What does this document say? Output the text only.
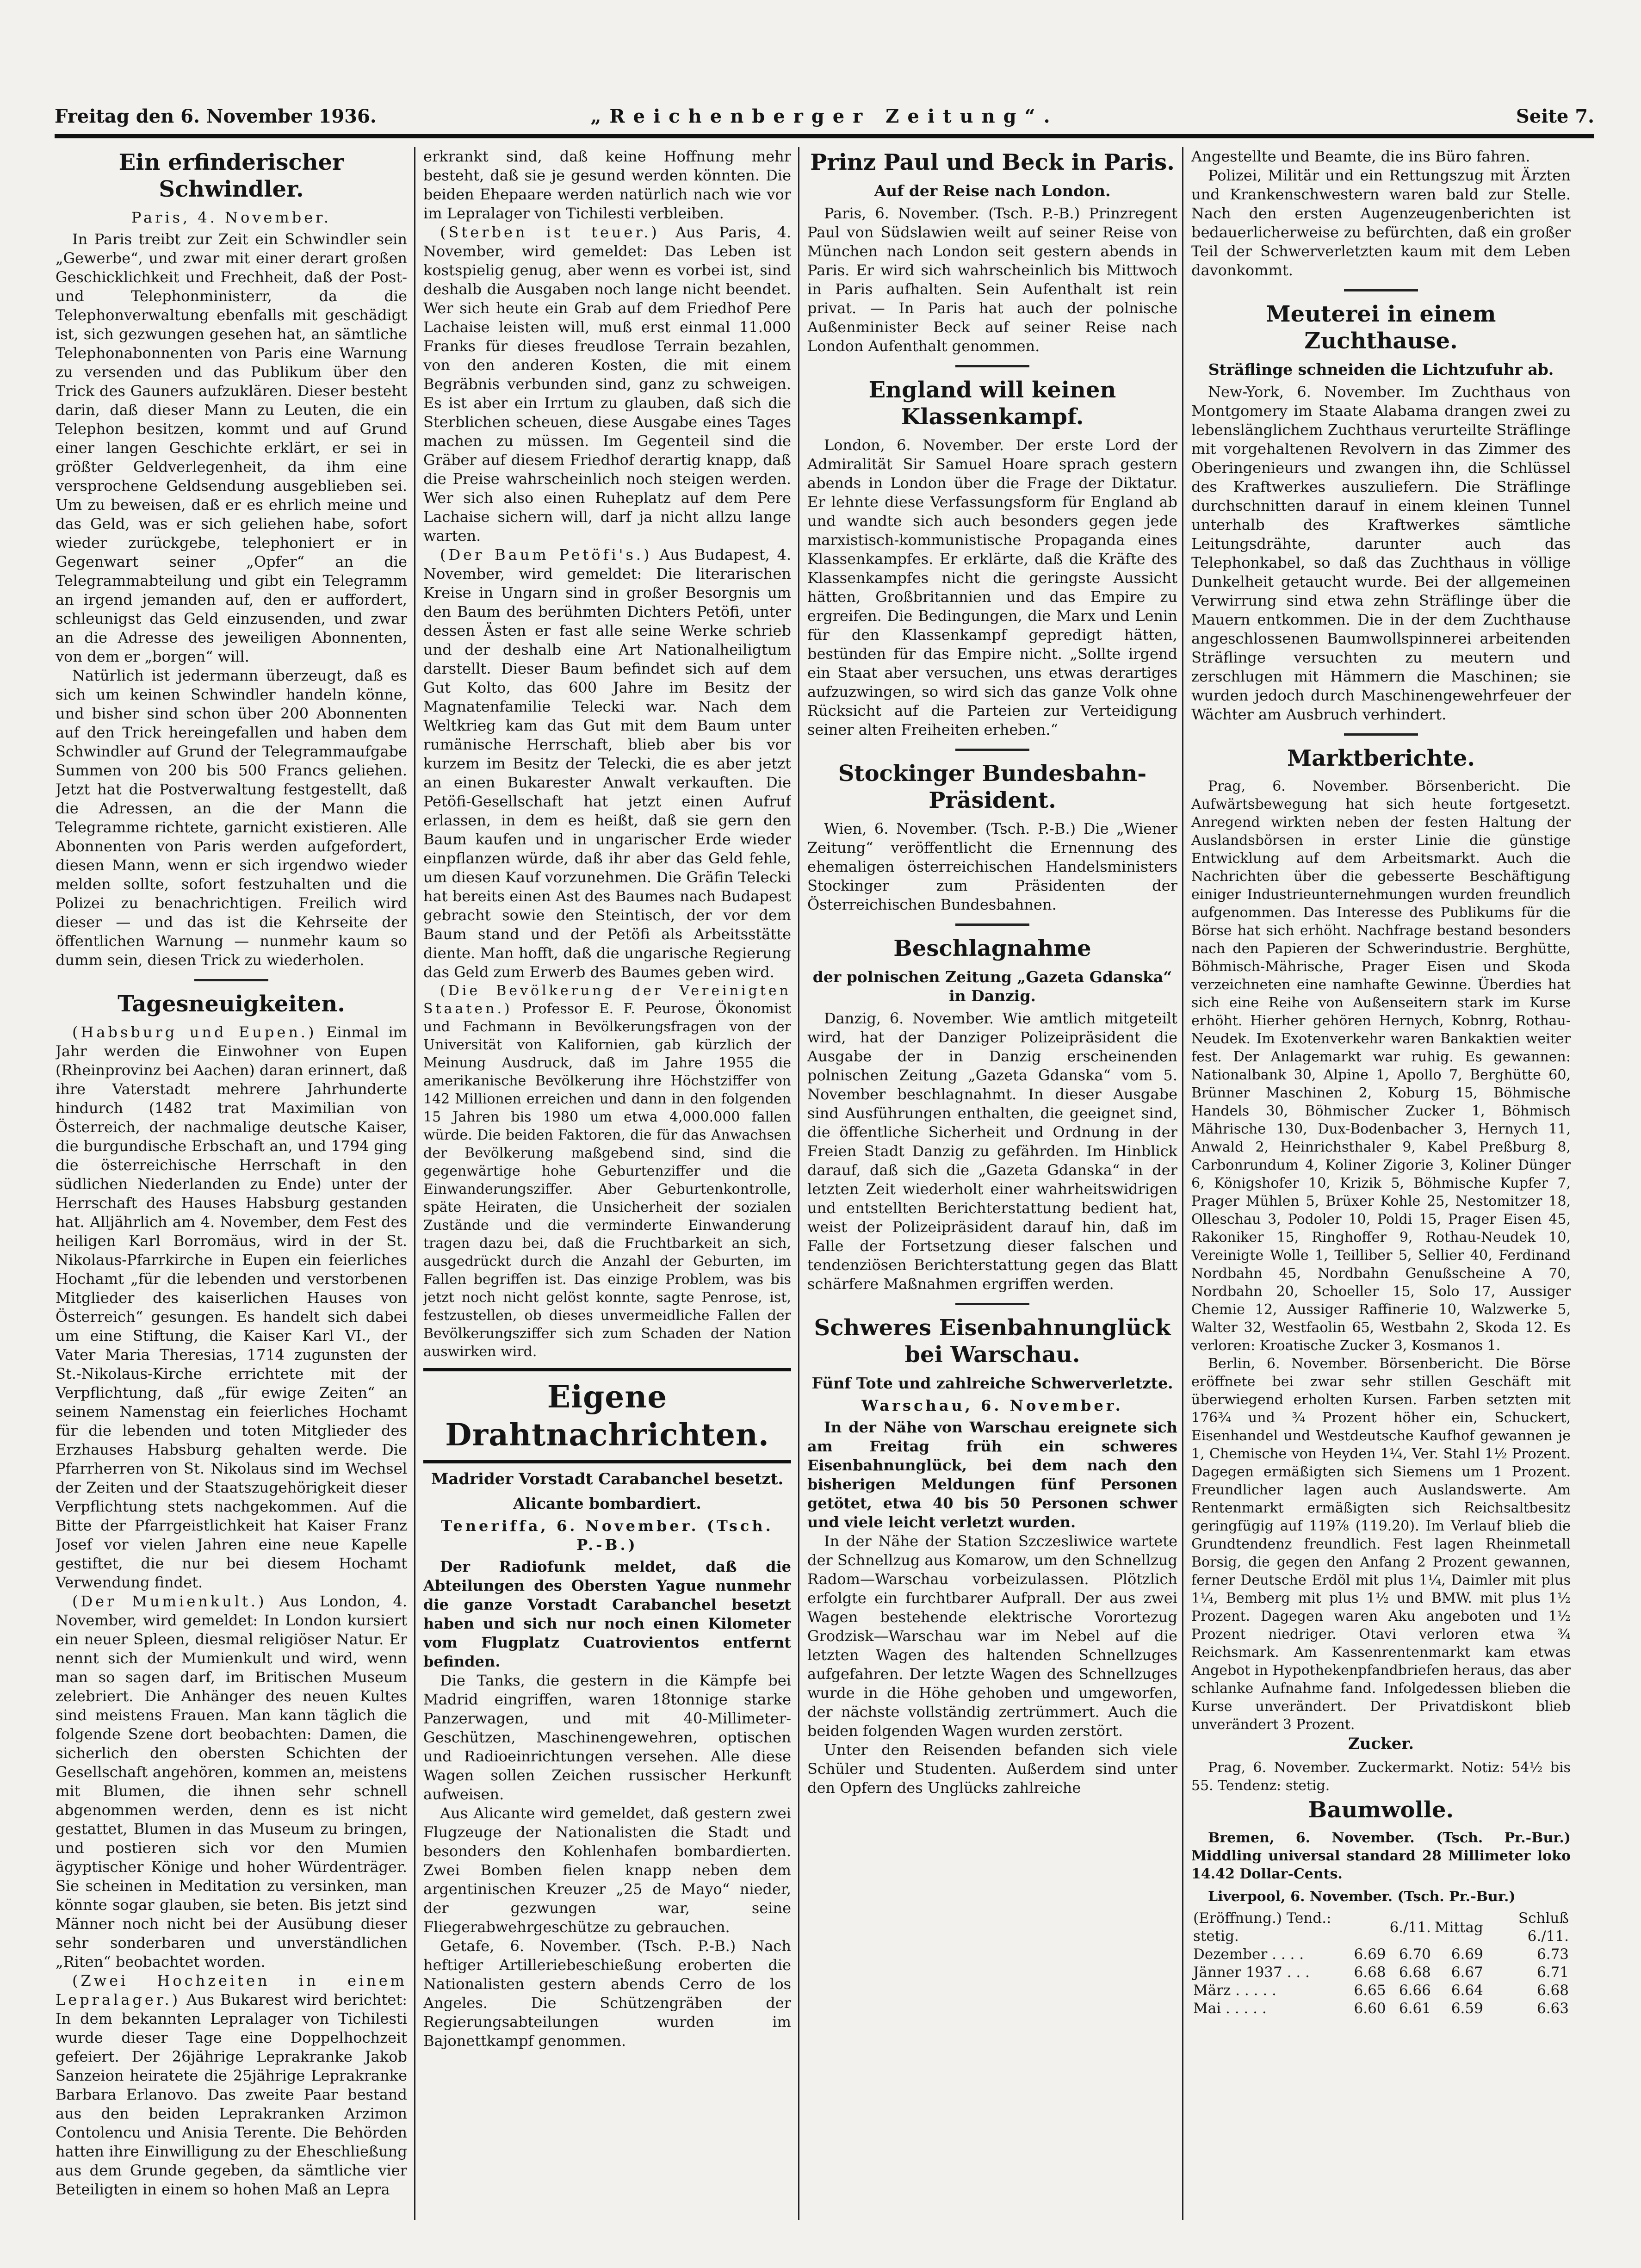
Freitag den 6. November 1936.	„Reichenberger Zeitung“.	Seite 7.
Ein erfinderischer Schwindler.
Paris, 4. November.

In Paris treibt zur Zeit ein Schwindler sein „Gewerbe“, und zwar mit einer derart großen Geschicklichkeit und Frechheit, daß der Post- und Telephonministerr, da die Telephonverwaltung ebenfalls mit geschädigt ist, sich gezwungen gesehen hat, an sämtliche Telephonabonnenten von Paris eine Warnung zu versenden und das Publikum über den Trick des Gauners aufzuklären. Dieser besteht darin, daß dieser Mann zu Leuten, die ein Telephon besitzen, kommt und auf Grund einer langen Geschichte erklärt, er sei in größter Geldverlegenheit, da ihm eine versprochene Geldsendung ausgeblieben sei. Um zu beweisen, daß er es ehrlich meine und das Geld, was er sich geliehen habe, sofort wieder zurückgebe, telephoniert er in Gegenwart seiner „Opfer“ an die Telegrammabteilung und gibt ein Telegramm an irgend jemanden auf, den er auffordert, schleunigst das Geld einzusenden, und zwar an die Adresse des jeweiligen Abonnenten, von dem er „borgen“ will.

Natürlich ist jedermann überzeugt, daß es sich um keinen Schwindler handeln könne, und bisher sind schon über 200 Abonnenten auf den Trick hereingefallen und haben dem Schwindler auf Grund der Telegrammaufgabe Summen von 200 bis 500 Francs geliehen. Jetzt hat die Postverwaltung festgestellt, daß die Adressen, an die der Mann die Telegramme richtete, garnicht existieren. Alle Abonnenten von Paris werden aufgefordert, diesen Mann, wenn er sich irgendwo wieder melden sollte, sofort festzuhalten und die Polizei zu benachrichtigen. Freilich wird dieser — und das ist die Kehrseite der öffentlichen Warnung — nunmehr kaum so dumm sein, diesen Trick zu wiederholen.

Tagesneuigkeiten.

(Habsburg und Eupen.) Einmal im Jahr werden die Einwohner von Eupen (Rheinprovinz bei Aachen) daran erinnert, daß ihre Vaterstadt mehrere Jahrhunderte hindurch (1482 trat Maximilian von Österreich, der nachmalige deutsche Kaiser, die burgundische Erbschaft an, und 1794 ging die österreichische Herrschaft in den südlichen Niederlanden zu Ende) unter der Herrschaft des Hauses Habsburg gestanden hat. Alljährlich am 4. November, dem Fest des heiligen Karl Borromäus, wird in der St. Nikolaus-Pfarrkirche in Eupen ein feierliches Hochamt „für die lebenden und verstorbenen Mitglieder des kaiserlichen Hauses von Österreich“ gesungen. Es handelt sich dabei um eine Stiftung, die Kaiser Karl VI., der Vater Maria Theresias, 1714 zugunsten der St.-Nikolaus-Kirche errichtete mit der Verpflichtung, daß „für ewige Zeiten“ an seinem Namenstag ein feierliches Hochamt für die lebenden und toten Mitglieder des Erzhauses Habsburg gehalten werde. Die Pfarrherren von St. Nikolaus sind im Wechsel der Zeiten und der Staatszugehörigkeit dieser Verpflichtung stets nachgekommen. Auf die Bitte der Pfarrgeistlichkeit hat Kaiser Franz Josef vor vielen Jahren eine neue Kapelle gestiftet, die nur bei diesem Hochamt Verwendung findet.

(Der Mumienkult.) Aus London, 4. November, wird gemeldet: In London kursiert ein neuer Spleen, diesmal religiöser Natur. Er nennt sich der Mumienkult und wird, wenn man so sagen darf, im Britischen Museum zelebriert. Die Anhänger des neuen Kultes sind meistens Frauen. Man kann täglich die folgende Szene dort beobachten: Damen, die sicherlich den obersten Schichten der Gesellschaft angehören, kommen an, meistens mit Blumen, die ihnen sehr schnell abgenommen werden, denn es ist nicht gestattet, Blumen in das Museum zu bringen, und postieren sich vor den Mumien ägyptischer Könige und hoher Würdenträger. Sie scheinen in Meditation zu versinken, man könnte sogar glauben, sie beten. Bis jetzt sind Männer noch nicht bei der Ausübung dieser sehr sonderbaren und unverständlichen „Riten“ beobachtet worden.

(Zwei Hochzeiten in einem Lepralager.) Aus Bukarest wird berichtet: In dem bekannten Lepralager von Tichilesti wurde dieser Tage eine Doppelhochzeit gefeiert. Der 26jährige Leprakranke Jakob Sanzeion heiratete die 25jährige Leprakranke Barbara Erlanovo. Das zweite Paar bestand aus den beiden Leprakranken Arzimon Contolencu und Anisia Terente. Die Behörden hatten ihre Einwilligung zu der Eheschließung aus dem Grunde gegeben, da sämtliche vier Beteiligten in einem so hohen Maß an Lepra

erkrankt sind, daß keine Hoffnung mehr besteht, daß sie je gesund werden könnten. Die beiden Ehepaare werden natürlich nach wie vor im Lepralager von Tichilesti verbleiben.

(Sterben ist teuer.) Aus Paris, 4. November, wird gemeldet: Das Leben ist kostspielig genug, aber wenn es vorbei ist, sind deshalb die Ausgaben noch lange nicht beendet. Wer sich heute ein Grab auf dem Friedhof Pere Lachaise leisten will, muß erst einmal 11.000 Franks für dieses freudlose Terrain bezahlen, von den anderen Kosten, die mit einem Begräbnis verbunden sind, ganz zu schweigen. Es ist aber ein Irrtum zu glauben, daß sich die Sterblichen scheuen, diese Ausgabe eines Tages machen zu müssen. Im Gegenteil sind die Gräber auf diesem Friedhof derartig knapp, daß die Preise wahrscheinlich noch steigen werden. Wer sich also einen Ruheplatz auf dem Pere Lachaise sichern will, darf ja nicht allzu lange warten.

(Der Baum Petöfi's.) Aus Budapest, 4. November, wird gemeldet: Die literarischen Kreise in Ungarn sind in großer Besorgnis um den Baum des berühmten Dichters Petöfi, unter dessen Ästen er fast alle seine Werke schrieb und der deshalb eine Art Nationalheiligtum darstellt. Dieser Baum befindet sich auf dem Gut Kolto, das 600 Jahre im Besitz der Magnatenfamilie Telecki war. Nach dem Weltkrieg kam das Gut mit dem Baum unter rumänische Herrschaft, blieb aber bis vor kurzem im Besitz der Telecki, die es aber jetzt an einen Bukarester Anwalt verkauften. Die Petöfi-Gesellschaft hat jetzt einen Aufruf erlassen, in dem es heißt, daß sie gern den Baum kaufen und in ungarischer Erde wieder einpflanzen würde, daß ihr aber das Geld fehle, um diesen Kauf vorzunehmen. Die Gräfin Telecki hat bereits einen Ast des Baumes nach Budapest gebracht sowie den Steintisch, der vor dem Baum stand und der Petöfi als Arbeitsstätte diente. Man hofft, daß die ungarische Regierung das Geld zum Erwerb des Baumes geben wird.

(Die Bevölkerung der Vereinigten Staaten.) Professor E. F. Peurose, Ökonomist und Fachmann in Bevölkerungsfragen von der Universität von Kalifornien, gab kürzlich der Meinung Ausdruck, daß im Jahre 1955 die amerikanische Bevölkerung ihre Höchstziffer von 142 Millionen erreichen und dann in den folgenden 15 Jahren bis 1980 um etwa 4,000.000 fallen würde. Die beiden Faktoren, die für das Anwachsen der Bevölkerung maßgebend sind, sind die gegenwärtige hohe Geburtenziffer und die Einwanderungsziffer. Aber Geburtenkontrolle, späte Heiraten, die Unsicherheit der sozialen Zustände und die verminderte Einwanderung tragen dazu bei, daß die Fruchtbarkeit an sich, ausgedrückt durch die Anzahl der Geburten, im Fallen begriffen ist. Das einzige Problem, was bis jetzt noch nicht gelöst konnte, sagte Penrose, ist, festzustellen, ob dieses unvermeidliche Fallen der Bevölkerungsziffer sich zum Schaden der Nation auswirken wird.

Eigene Drahtnachrichten.
Madrider Vorstadt Carabanchel besetzt.
Alicante bombardiert.
Teneriffa, 6. November. (Tsch. P.-B.)

Der Radiofunk meldet, daß die Abteilungen des Obersten Yague nunmehr die ganze Vorstadt Carabanchel besetzt haben und sich nur noch einen Kilometer vom Flugplatz Cuatrovientos entfernt befinden.

Die Tanks, die gestern in die Kämpfe bei Madrid eingriffen, waren 18tonnige starke Panzerwagen, und mit 40-Millimeter-Geschützen, Maschinengewehren, optischen und Radioeinrichtungen versehen. Alle diese Wagen sollen Zeichen russischer Herkunft aufweisen.

Aus Alicante wird gemeldet, daß gestern zwei Flugzeuge der Nationalisten die Stadt und besonders den Kohlenhafen bombardierten. Zwei Bomben fielen knapp neben dem argentinischen Kreuzer „25 de Mayo“ nieder, der gezwungen war, seine Fliegerabwehrgeschütze zu gebrauchen.

Getafe, 6. November. (Tsch. P.-B.) Nach heftiger Artilleriebeschießung eroberten die Nationalisten gestern abends Cerro de los Angeles. Die Schützengräben der Regierungsabteilungen wurden im Bajonettkampf genommen.

Prinz Paul und Beck in Paris.
Auf der Reise nach London.

Paris, 6. November. (Tsch. P.-B.) Prinzregent Paul von Südslawien weilt auf seiner Reise von München nach London seit gestern abends in Paris. Er wird sich wahrscheinlich bis Mittwoch in Paris aufhalten. Sein Aufenthalt ist rein privat. — In Paris hat auch der polnische Außenminister Beck auf seiner Reise nach London Aufenthalt genommen.

England will keinen Klassenkampf.

London, 6. November. Der erste Lord der Admiralität Sir Samuel Hoare sprach gestern abends in London über die Frage der Diktatur. Er lehnte diese Verfassungsform für England ab und wandte sich auch besonders gegen jede marxistisch-kommunistische Propaganda eines Klassenkampfes. Er erklärte, daß die Kräfte des Klassenkampfes nicht die geringste Aussicht hätten, Großbritannien und das Empire zu ergreifen. Die Bedingungen, die Marx und Lenin für den Klassenkampf gepredigt hätten, bestünden für das Empire nicht. „Sollte irgend ein Staat aber versuchen, uns etwas derartiges aufzuzwingen, so wird sich das ganze Volk ohne Rücksicht auf die Parteien zur Verteidigung seiner alten Freiheiten erheben.“

Stockinger Bundesbahn-Präsident.

Wien, 6. November. (Tsch. P.-B.) Die „Wiener Zeitung“ veröffentlicht die Ernennung des ehemaligen österreichischen Handelsministers Stockinger zum Präsidenten der Österreichischen Bundesbahnen.

Beschlagnahme
der polnischen Zeitung „Gazeta Gdanska“ in Danzig.

Danzig, 6. November. Wie amtlich mitgeteilt wird, hat der Danziger Polizeipräsident die Ausgabe der in Danzig erscheinenden polnischen Zeitung „Gazeta Gdanska“ vom 5. November beschlagnahmt. In dieser Ausgabe sind Ausführungen enthalten, die geeignet sind, die öffentliche Sicherheit und Ordnung in der Freien Stadt Danzig zu gefährden. Im Hinblick darauf, daß sich die „Gazeta Gdanska“ in der letzten Zeit wiederholt einer wahrheitswidrigen und entstellten Berichterstattung bedient hat, weist der Polizeipräsident darauf hin, daß im Falle der Fortsetzung dieser falschen und tendenziösen Berichterstattung gegen das Blatt schärfere Maßnahmen ergriffen werden.

Schweres Eisenbahnunglück bei Warschau.
Fünf Tote und zahlreiche Schwerverletzte.
Warschau, 6. November.

In der Nähe von Warschau ereignete sich am Freitag früh ein schweres Eisenbahnunglück, bei dem nach den bisherigen Meldungen fünf Personen getötet, etwa 40 bis 50 Personen schwer und viele leicht verletzt wurden.

In der Nähe der Station Szczesliwice wartete der Schnellzug aus Komarow, um den Schnellzug Radom—Warschau vorbeizulassen. Plötzlich erfolgte ein furchtbarer Aufprall. Der aus zwei Wagen bestehende elektrische Vorortezug Grodzisk—Warschau war im Nebel auf die letzten Wagen des haltenden Schnellzuges aufgefahren. Der letzte Wagen des Schnellzuges wurde in die Höhe gehoben und umgeworfen, der nächste vollständig zertrümmert. Auch die beiden folgenden Wagen wurden zerstört.

Unter den Reisenden befanden sich viele Schüler und Studenten. Außerdem sind unter den Opfern des Unglücks zahlreiche

Angestellte und Beamte, die ins Büro fahren.

Polizei, Militär und ein Rettungszug mit Ärzten und Krankenschwestern waren bald zur Stelle. Nach den ersten Augenzeugenberichten ist bedauerlicherweise zu befürchten, daß ein großer Teil der Schwerverletzten kaum mit dem Leben davonkommt.

Meuterei in einem Zuchthause.
Sträflinge schneiden die Lichtzufuhr ab.

New-York, 6. November. Im Zuchthaus von Montgomery im Staate Alabama drangen zwei zu lebenslänglichem Zuchthaus verurteilte Sträflinge mit vorgehaltenen Revolvern in das Zimmer des Oberingenieurs und zwangen ihn, die Schlüssel des Kraftwerkes auszuliefern. Die Sträflinge durchschnitten darauf in einem kleinen Tunnel unterhalb des Kraftwerkes sämtliche Leitungsdrähte, darunter auch das Telephonkabel, so daß das Zuchthaus in völlige Dunkelheit getaucht wurde. Bei der allgemeinen Verwirrung sind etwa zehn Sträflinge über die Mauern entkommen. Die in der dem Zuchthause angeschlossenen Baumwollspinnerei arbeitenden Sträflinge versuchten zu meutern und zerschlugen mit Hämmern die Maschinen; sie wurden jedoch durch Maschinengewehrfeuer der Wächter am Ausbruch verhindert.

Marktberichte.

Prag, 6. November. Börsenbericht. Die Aufwärtsbewegung hat sich heute fortgesetzt. Anregend wirkten neben der festen Haltung der Auslandsbörsen in erster Linie die günstige Entwicklung auf dem Arbeitsmarkt. Auch die Nachrichten über die gebesserte Beschäftigung einiger Industrieunternehmungen wurden freundlich aufgenommen. Das Interesse des Publikums für die Börse hat sich erhöht. Nachfrage bestand besonders nach den Papieren der Schwerindustrie. Berghütte, Böhmisch-Mährische, Prager Eisen und Skoda verzeichneten eine namhafte Gewinne. Überdies hat sich eine Reihe von Außenseitern stark im Kurse erhöht. Hierher gehören Hernych, Kobnrg, Rothau-Neudek. Im Exotenverkehr waren Bankaktien weiter fest. Der Anlagemarkt war ruhig. Es gewannen: Nationalbank 30, Alpine 1, Apollo 7, Berghütte 60, Brünner Maschinen 2, Koburg 15, Böhmische Handels 30, Böhmischer Zucker 1, Böhmisch Mährische 130, Dux-Bodenbacher 3, Hernych 11, Anwald 2, Heinrichsthaler 9, Kabel Preßburg 8, Carbonrundum 4, Koliner Zigorie 3, Koliner Dünger 6, Königshofer 10, Krizik 5, Böhmische Kupfer 7, Prager Mühlen 5, Brüxer Kohle 25, Nestomitzer 18, Olleschau 3, Podoler 10, Poldi 15, Prager Eisen 45, Rakoniker 15, Ringhoffer 9, Rothau-Neudek 10, Vereinigte Wolle 1, Teilliber 5, Sellier 40, Ferdinand Nordbahn 45, Nordbahn Genußscheine A 70, Nordbahn 20, Schoeller 15, Solo 17, Aussiger Chemie 12, Aussiger Raffinerie 10, Walzwerke 5, Walter 32, Westfaolin 65, Westbahn 2, Skoda 12. Es verloren: Kroatische Zucker 3, Kosmanos 1.

Berlin, 6. November. Börsenbericht. Die Börse eröffnete bei zwar sehr stillen Geschäft mit überwiegend erholten Kursen. Farben setzten mit 176¾ und ¾ Prozent höher ein, Schuckert, Eisenhandel und Westdeutsche Kaufhof gewannen je 1, Chemische von Heyden 1¼, Ver. Stahl 1½ Prozent. Dagegen ermäßigten sich Siemens um 1 Prozent. Freundlicher lagen auch Auslandswerte. Am Rentenmarkt ermäßigten sich Reichsaltbesitz geringfügig auf 119⅞ (119.20). Im Verlauf blieb die Grundtendenz freundlich. Fest lagen Rheinmetall Borsig, die gegen den Anfang 2 Prozent gewannen, ferner Deutsche Erdöl mit plus 1¼, Daimler mit plus 1¼, Bemberg mit plus 1½ und BMW. mit plus 1½ Prozent. Dagegen waren Aku angeboten und 1½ Prozent niedriger. Otavi verloren etwa ¾ Reichsmark. Am Kassenrentenmarkt kam etwas Angebot in Hypothekenpfandbriefen heraus, das aber schlanke Aufnahme fand. Infolgedessen blieben die Kurse unverändert. Der Privatdiskont blieb unverändert 3 Prozent.

Zucker.

Prag, 6. November. Zuckermarkt. Notiz: 54½ bis 55. Tendenz: stetig.

Baumwolle.

Bremen, 6. November. (Tsch. Pr.-Bur.) Middling universal standard 28 Millimeter loko 14.42 Dollar-Cents.

Liverpool, 6. November. (Tsch. Pr.-Bur.)

(Eröffnung.) Tend.: stetig.		6./11.	Mittag	Schluß 6./11.
Dezember . . . .	6.69	6.70	6.69	6.73
Jänner 1937 . . .	6.68	6.68	6.67	6.71
März . . . . .	6.65	6.66	6.64	6.68
Mai . . . . .	6.60	6.61	6.59	6.63
